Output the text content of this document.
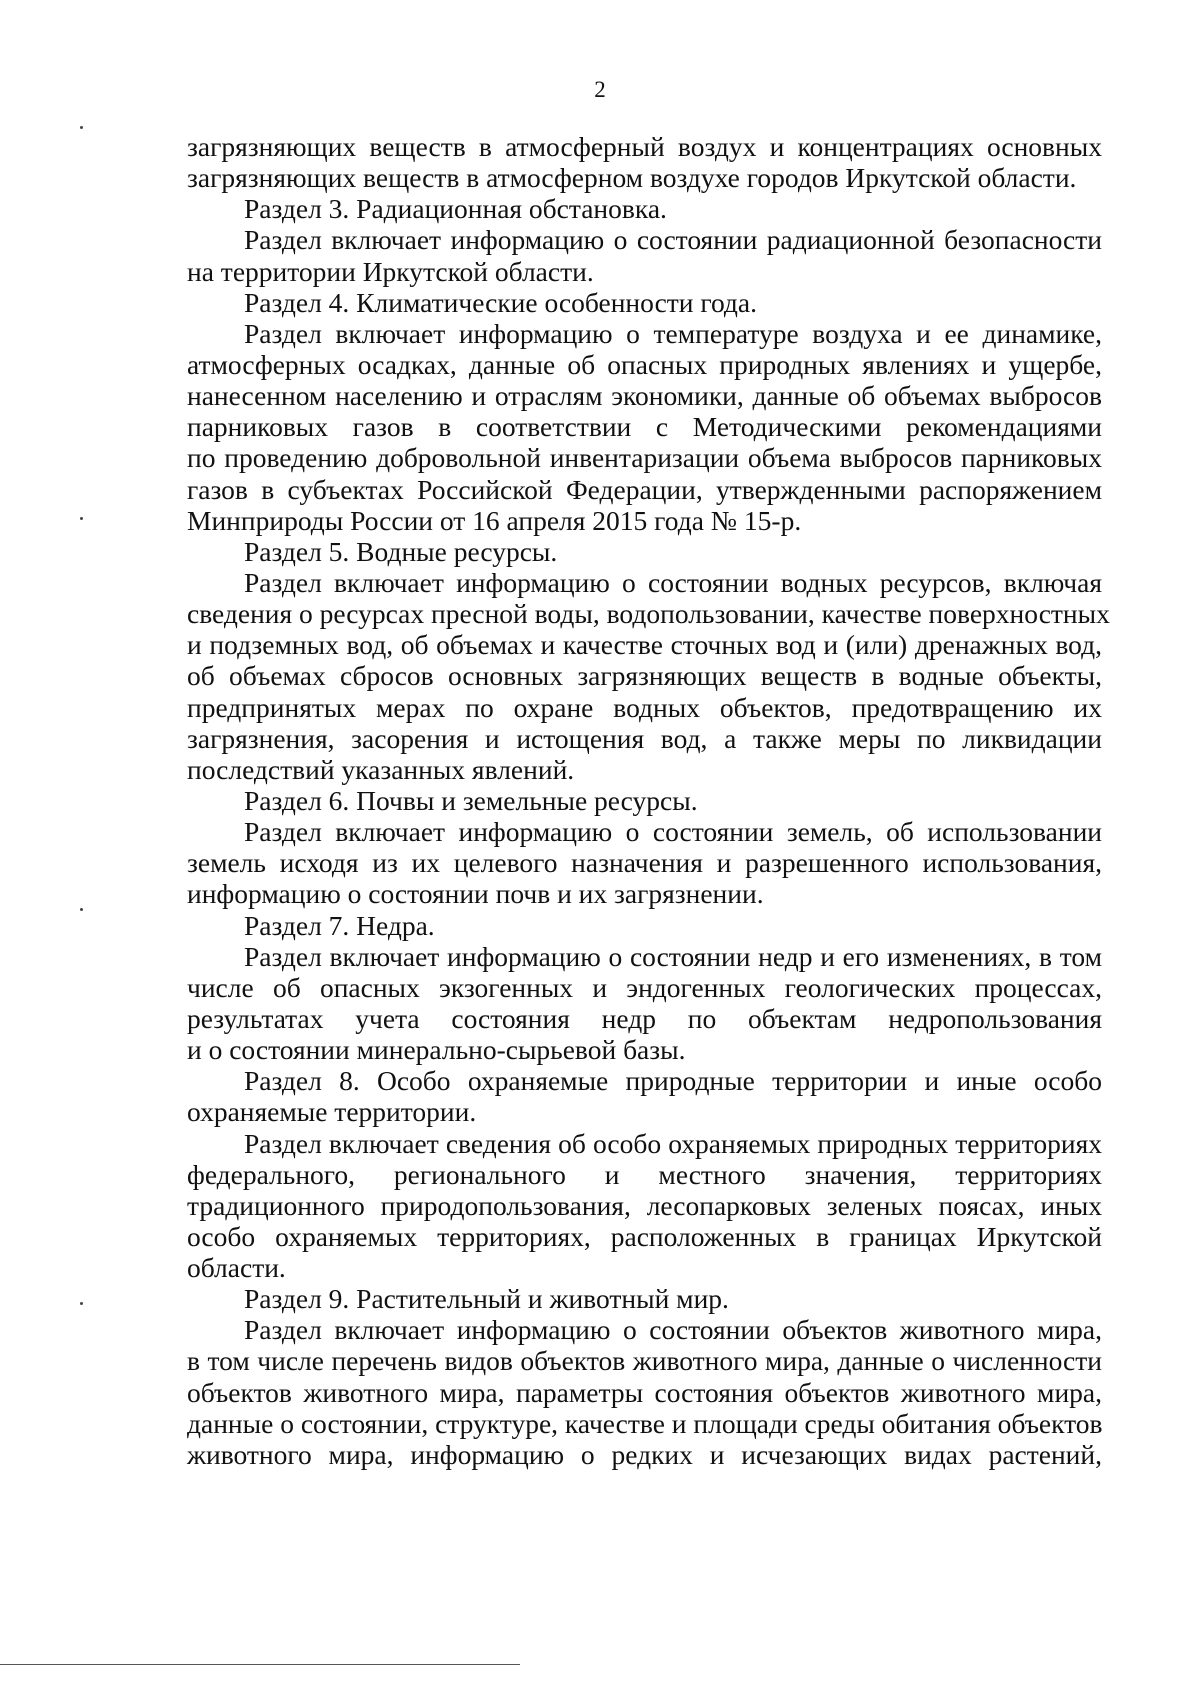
2
загрязняющих веществ в атмосферный воздух и концентрациях основных
загрязняющих веществ в атмосферном воздухе городов Иркутской области.
Раздел 3. Радиационная обстановка.
Раздел включает информацию о состоянии радиационной безопасности
на территории Иркутской области.
Раздел 4. Климатические особенности года.
Раздел включает информацию о температуре воздуха и ее динамике,
атмосферных осадках, данные об опасных природных явлениях и ущербе,
нанесенном населению и отраслям экономики, данные об объемах выбросов
парниковых газов в соответствии с Методическими рекомендациями
по проведению добровольной инвентаризации объема выбросов парниковых
газов в субъектах Российской Федерации, утвержденными распоряжением
Минприроды России от 16 апреля 2015 года № 15-р.
Раздел 5. Водные ресурсы.
Раздел включает информацию о состоянии водных ресурсов, включая
сведения о ресурсах пресной воды, водопользовании, качестве поверхностных
и подземных вод, об объемах и качестве сточных вод и (или) дренажных вод,
об объемах сбросов основных загрязняющих веществ в водные объекты,
предпринятых мерах по охране водных объектов, предотвращению их
загрязнения, засорения и истощения вод, а также меры по ликвидации
последствий указанных явлений.
Раздел 6. Почвы и земельные ресурсы.
Раздел включает информацию о состоянии земель, об использовании
земель исходя из их целевого назначения и разрешенного использования,
информацию о состоянии почв и их загрязнении.
Раздел 7. Недра.
Раздел включает информацию о состоянии недр и его изменениях, в том
числе об опасных экзогенных и эндогенных геологических процессах,
результатах учета состояния недр по объектам недропользования
и о состоянии минерально-сырьевой базы.
Раздел 8. Особо охраняемые природные территории и иные особо
охраняемые территории.
Раздел включает сведения об особо охраняемых природных территориях
федерального, регионального и местного значения, территориях
традиционного природопользования, лесопарковых зеленых поясах, иных
особо охраняемых территориях, расположенных в границах Иркутской
области.
Раздел 9. Растительный и животный мир.
Раздел включает информацию о состоянии объектов животного мира,
в том числе перечень видов объектов животного мира, данные о численности
объектов животного мира, параметры состояния объектов животного мира,
данные о состоянии, структуре, качестве и площади среды обитания объектов
животного мира, информацию о редких и исчезающих видах растений,
